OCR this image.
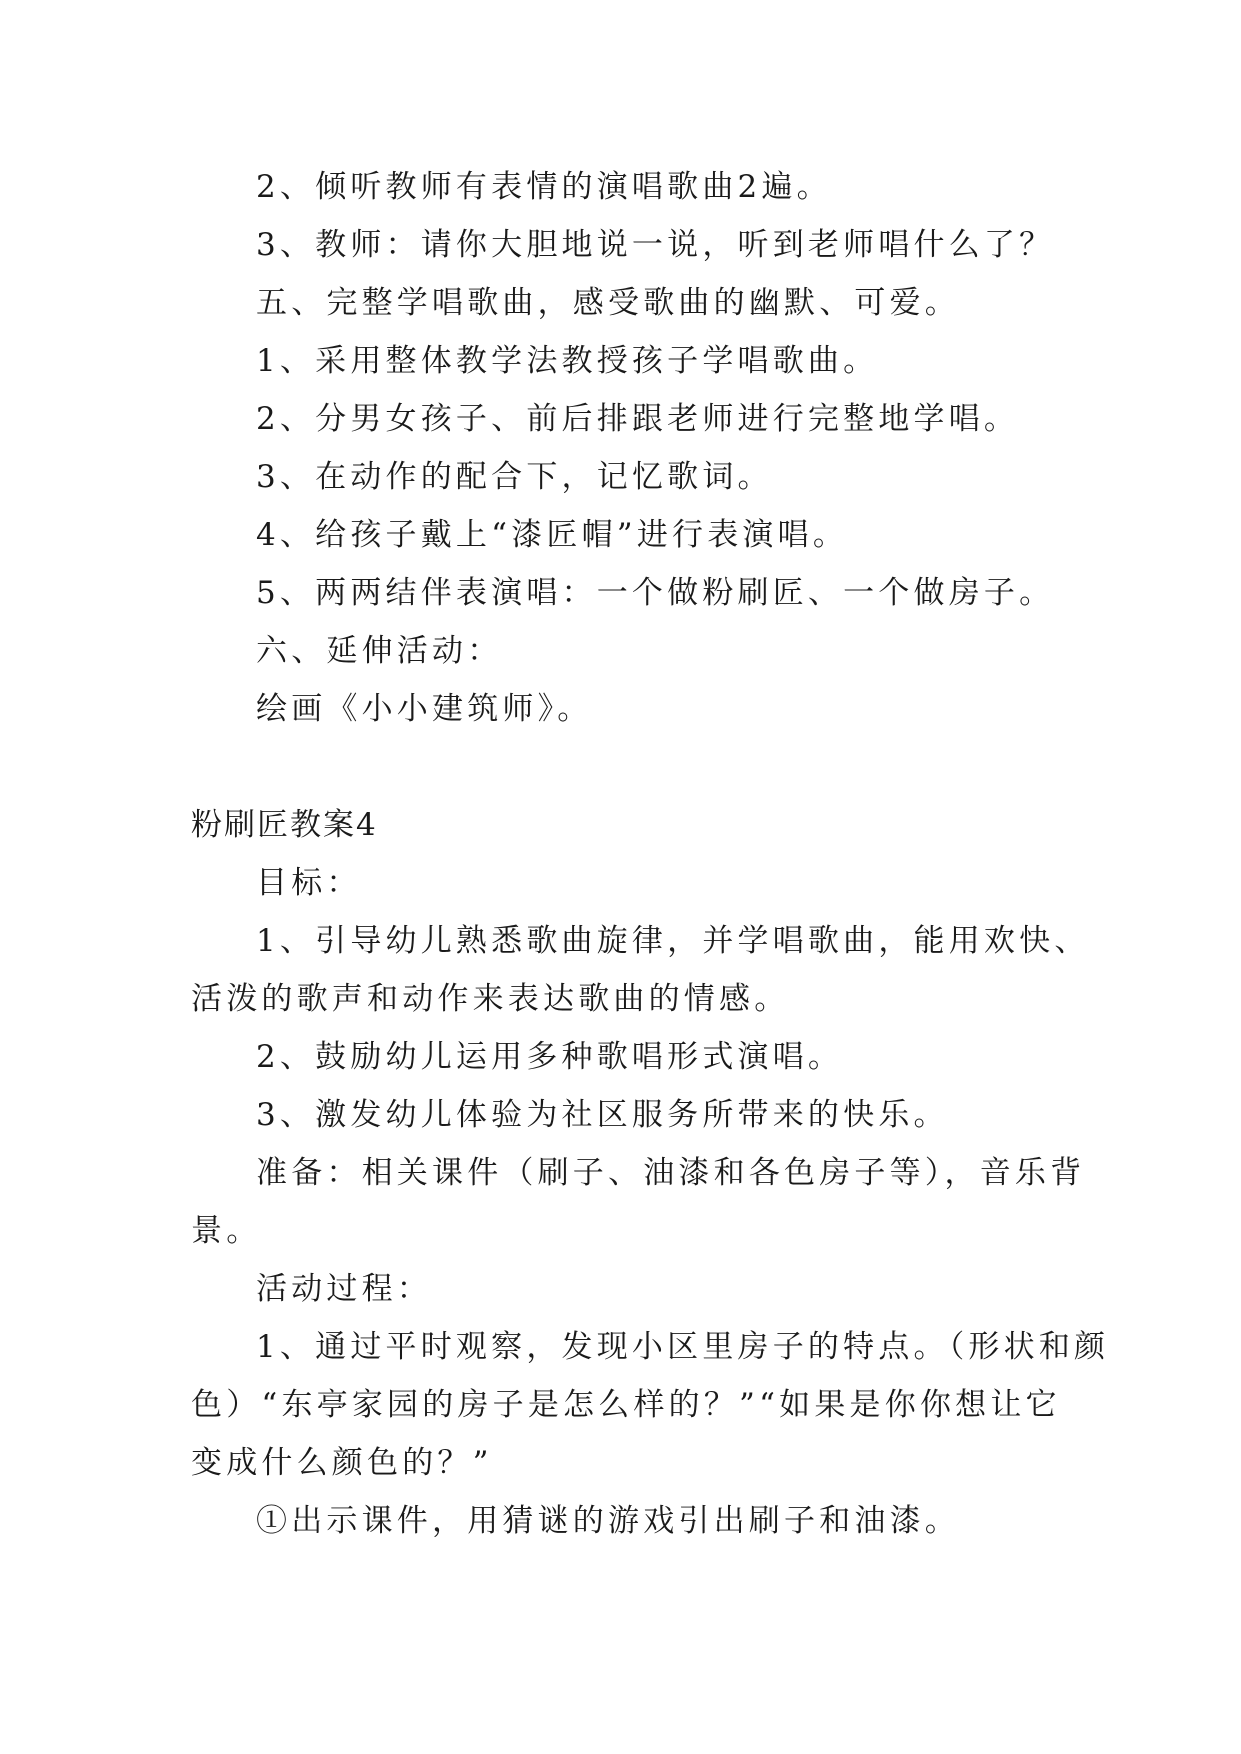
2、倾听教师有表情的演唱歌曲2遍。
3、教师：请你大胆地说一说，听到老师唱什么了？
五、完整学唱歌曲，感受歌曲的幽默、可爱。
1、采用整体教学法教授孩子学唱歌曲。
2、分男女孩子、前后排跟老师进行完整地学唱。
3、在动作的配合下，记忆歌词。
4、给孩子戴上“漆匠帽”进行表演唱。
5、两两结伴表演唱：一个做粉刷匠、一个做房子。
六、延伸活动：
绘画《小小建筑师》。
粉刷匠教案4
目标：
1、引导幼儿熟悉歌曲旋律，并学唱歌曲，能用欢快、
活泼的歌声和动作来表达歌曲的情感。
2、鼓励幼儿运用多种歌唱形式演唱。
3、激发幼儿体验为社区服务所带来的快乐。
准备：相关课件（刷子、油漆和各色房子等），音乐背
景。
活动过程：
1、通过平时观察，发现小区里房子的特点。（形状和颜
色）“东亭家园的房子是怎么样的？”“如果是你你想让它
变成什么颜色的？”
①出示课件，用猜谜的游戏引出刷子和油漆。
